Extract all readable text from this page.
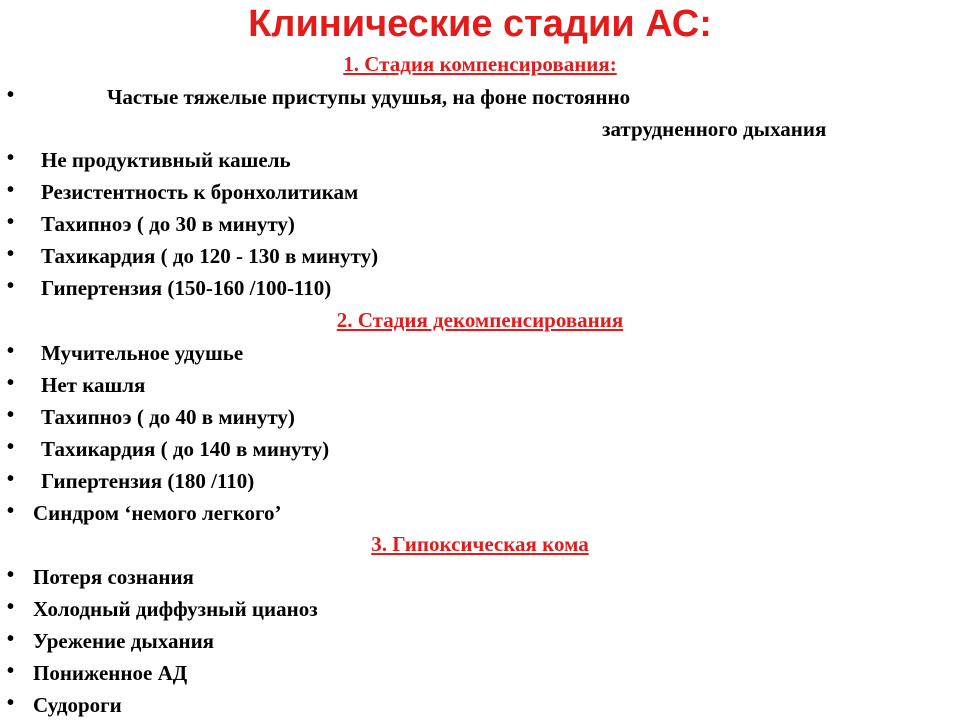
Клинические стадии АС:
1. Стадия компенсирования:
•	Частые тяжелые приступы удушья, на фоне постоянно
затрудненного дыхания
• Не продуктивный кашель
• Резистентность к бронхолитикам
• Тахипноэ ( до 30 в минуту)
• Тахикардия ( до 120 - 130 в минуту)
• Гипертензия (150-160 /100-110)
2. Стадия декомпенсирования
• Мучительное удушье
• Нет кашля
• Тахипноэ ( до 40 в минуту)
• Тахикардия ( до 140 в минуту)
• Гипертензия (180 /110)
• Синдром ‘немого легкого’
3. Гипоксическая кома
• Потеря сознания
• Холодный диффузный цианоз
• Урежение дыхания
• Пониженное АД
• Судороги
